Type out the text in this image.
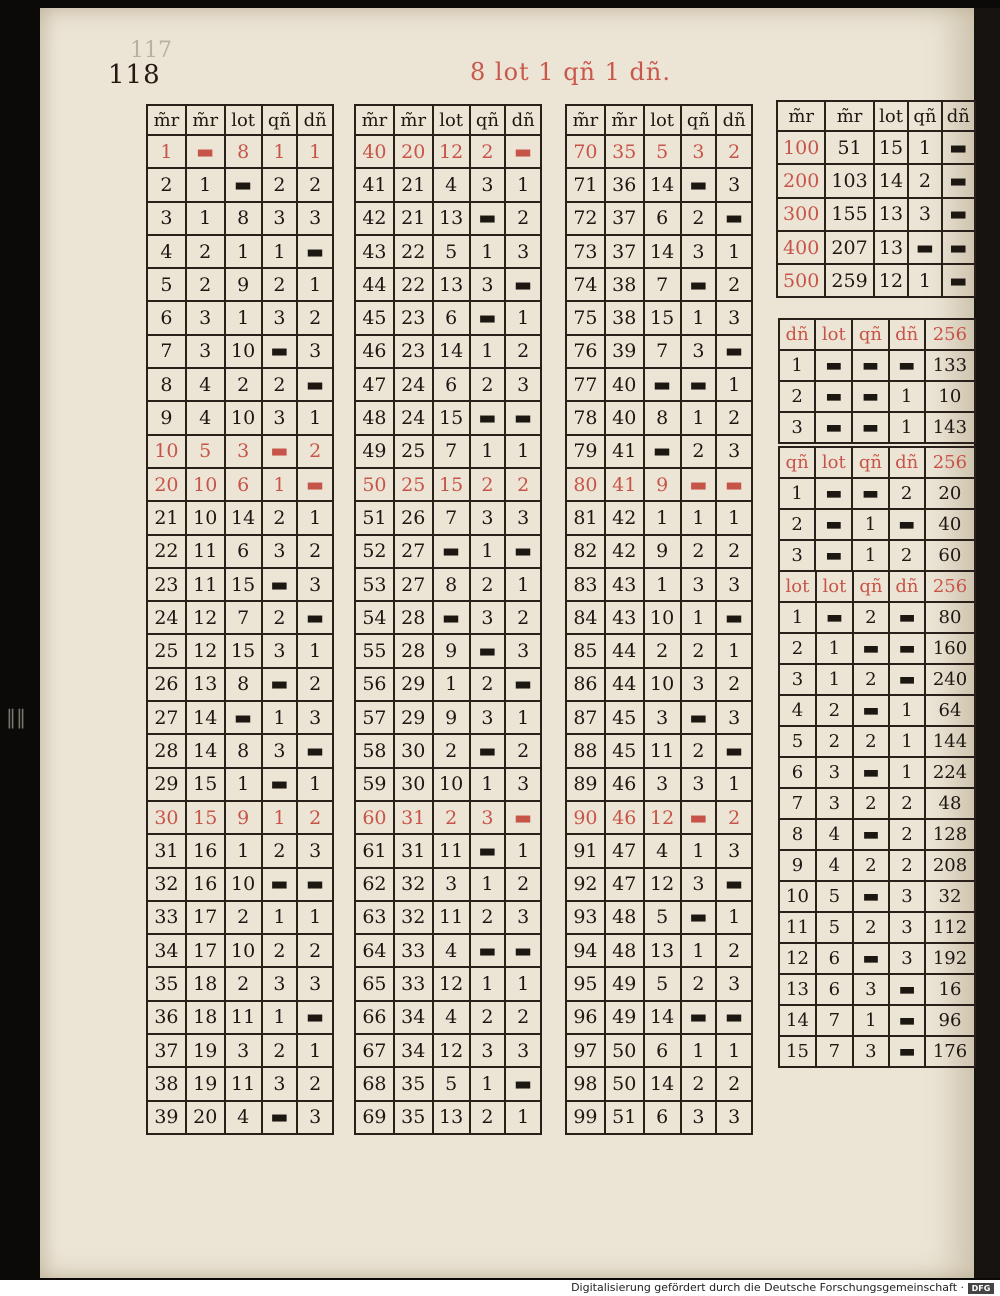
‖‖
117
118	8 lot 1 qñ 1 dñ.
m̃r	m̃r	lot	qñ	dñ
1	▬	8	1	1
2	1	▬	2	2
3	1	8	3	3
4	2	1	1	▬
5	2	9	2	1
6	3	1	3	2
7	3	10	▬	3
8	4	2	2	▬
9	4	10	3	1
10	5	3	▬	2
20	10	6	1	▬
21	10	14	2	1
22	11	6	3	2
23	11	15	▬	3
24	12	7	2	▬
25	12	15	3	1
26	13	8	▬	2
27	14	▬	1	3
28	14	8	3	▬
29	15	1	▬	1
30	15	9	1	2
31	16	1	2	3
32	16	10	▬	▬
33	17	2	1	1
34	17	10	2	2
35	18	2	3	3
36	18	11	1	▬
37	19	3	2	1
38	19	11	3	2
39	20	4	▬	3
m̃r	m̃r	lot	qñ	dñ
40	20	12	2	▬
41	21	4	3	1
42	21	13	▬	2
43	22	5	1	3
44	22	13	3	▬
45	23	6	▬	1
46	23	14	1	2
47	24	6	2	3
48	24	15	▬	▬
49	25	7	1	1
50	25	15	2	2
51	26	7	3	3
52	27	▬	1	▬
53	27	8	2	1
54	28	▬	3	2
55	28	9	▬	3
56	29	1	2	▬
57	29	9	3	1
58	30	2	▬	2
59	30	10	1	3
60	31	2	3	▬
61	31	11	▬	1
62	32	3	1	2
63	32	11	2	3
64	33	4	▬	▬
65	33	12	1	1
66	34	4	2	2
67	34	12	3	3
68	35	5	1	▬
69	35	13	2	1
m̃r	m̃r	lot	qñ	dñ
70	35	5	3	2
71	36	14	▬	3
72	37	6	2	▬
73	37	14	3	1
74	38	7	▬	2
75	38	15	1	3
76	39	7	3	▬
77	40	▬	▬	1
78	40	8	1	2
79	41	▬	2	3
80	41	9	▬	▬
81	42	1	1	1
82	42	9	2	2
83	43	1	3	3
84	43	10	1	▬
85	44	2	2	1
86	44	10	3	2
87	45	3	▬	3
88	45	11	2	▬
89	46	3	3	1
90	46	12	▬	2
91	47	4	1	3
92	47	12	3	▬
93	48	5	▬	1
94	48	13	1	2
95	49	5	2	3
96	49	14	▬	▬
97	50	6	1	1
98	50	14	2	2
99	51	6	3	3
m̃r	m̃r	lot	qñ	dñ
100	51	15	1	▬
200	103	14	2	▬
300	155	13	3	▬
400	207	13	▬	▬
500	259	12	1	▬
dñ	lot	qñ	dñ	256
1	▬	▬	▬	133
2	▬	▬	1	10
3	▬	▬	1	143
qñ	lot	qñ	dñ	256
1	▬	▬	2	20
2	▬	1	▬	40
3	▬	1	2	60
lot	lot	qñ	dñ	256
1	▬	2	▬	80
2	1	▬	▬	160
3	1	2	▬	240
4	2	▬	1	64
5	2	2	1	144
6	3	▬	1	224
7	3	2	2	48
8	4	▬	2	128
9	4	2	2	208
10	5	▬	3	32
11	5	2	3	112
12	6	▬	3	192
13	6	3	▬	16
14	7	1	▬	96
15	7	3	▬	176
Digitalisierung gefördert durch die Deutsche Forschungsgemeinschaft · DFG
